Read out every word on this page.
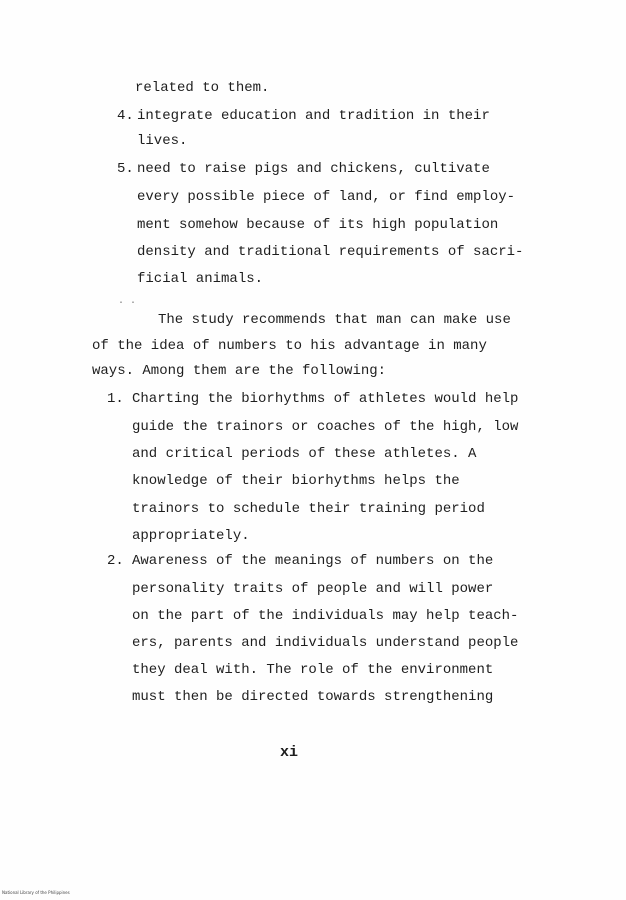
related to them.
4. integrate education and tradition in their
lives.
5. need to raise pigs and chickens, cultivate
every possible piece of land, or find employ-
ment somehow because of its high population
density and traditional requirements of sacri-
ficial animals.
· ·
The study recommends that man can make use
of the idea of numbers to his advantage in many
ways. Among them are the following:
1. Charting the biorhythms of athletes would help
guide the trainors or coaches of the high, low
and critical periods of these athletes. A
knowledge of their biorhythms helps the
trainors to schedule their training period
appropriately.
2. Awareness of the meanings of numbers on the
personality traits of people and will power
on the part of the individuals may help teach-
ers, parents and individuals understand people
they deal with. The role of the environment
must then be directed towards strengthening
xi
National Library of the Philippines
